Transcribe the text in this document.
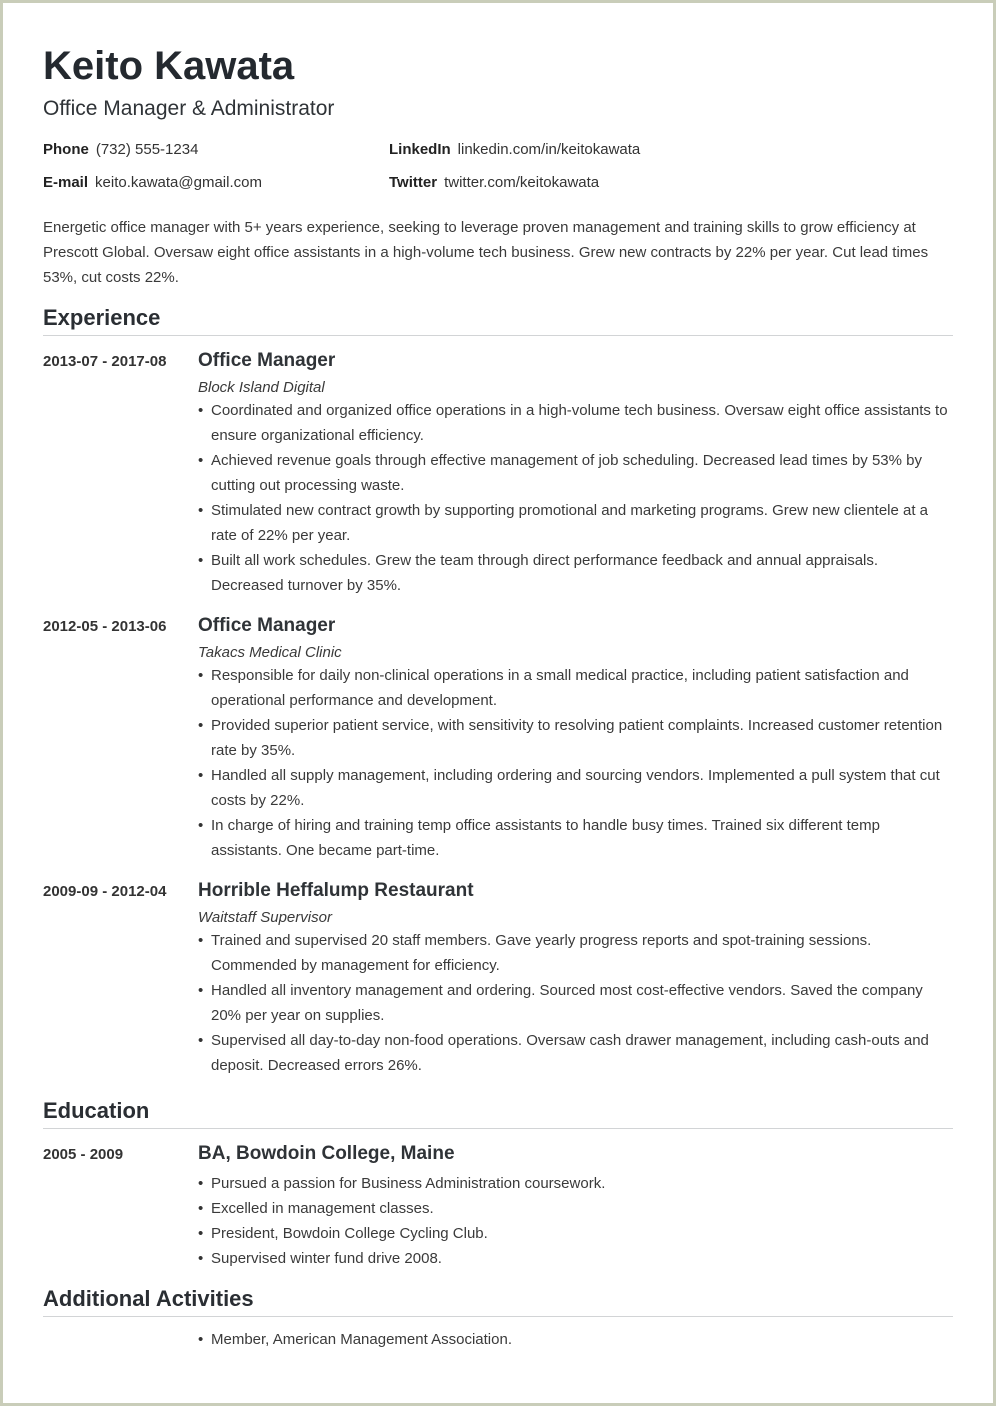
Keito Kawata
Office Manager & Administrator
Phone (732) 555-1234	LinkedIn linkedin.com/in/keitokawata
E-mail keito.kawata@gmail.com	Twitter twitter.com/keitokawata

Energetic office manager with 5+ years experience, seeking to leverage proven management and training skills to grow efficiency at Prescott Global. Oversaw eight office assistants in a high-volume tech business. Grew new contracts by 22% per year. Cut lead times 53%, cut costs 22%.

Experience
2013-07 - 2017-08 Office Manager
Block Island Digital
• Coordinated and organized office operations in a high-volume tech business. Oversaw eight office assistants to ensure organizational efficiency.
• Achieved revenue goals through effective management of job scheduling. Decreased lead times by 53% by cutting out processing waste.
• Stimulated new contract growth by supporting promotional and marketing programs. Grew new clientele at a rate of 22% per year.
• Built all work schedules. Grew the team through direct performance feedback and annual appraisals. Decreased turnover by 35%.
2012-05 - 2013-06 Office Manager
Takacs Medical Clinic
• Responsible for daily non-clinical operations in a small medical practice, including patient satisfaction and operational performance and development.
• Provided superior patient service, with sensitivity to resolving patient complaints. Increased customer retention rate by 35%.
• Handled all supply management, including ordering and sourcing vendors. Implemented a pull system that cut costs by 22%.
• In charge of hiring and training temp office assistants to handle busy times. Trained six different temp assistants. One became part-time.
2009-09 - 2012-04 Horrible Heffalump Restaurant
Waitstaff Supervisor
• Trained and supervised 20 staff members. Gave yearly progress reports and spot-training sessions. Commended by management for efficiency.
• Handled all inventory management and ordering. Sourced most cost-effective vendors. Saved the company 20% per year on supplies.
• Supervised all day-to-day non-food operations. Oversaw cash drawer management, including cash-outs and deposit. Decreased errors 26%.
Education
2005 - 2009	BA, Bowdoin College, Maine
• Pursued a passion for Business Administration coursework.
• Excelled in management classes.
• President, Bowdoin College Cycling Club.
• Supervised winter fund drive 2008.
Additional Activities
• Member, American Management Association.
